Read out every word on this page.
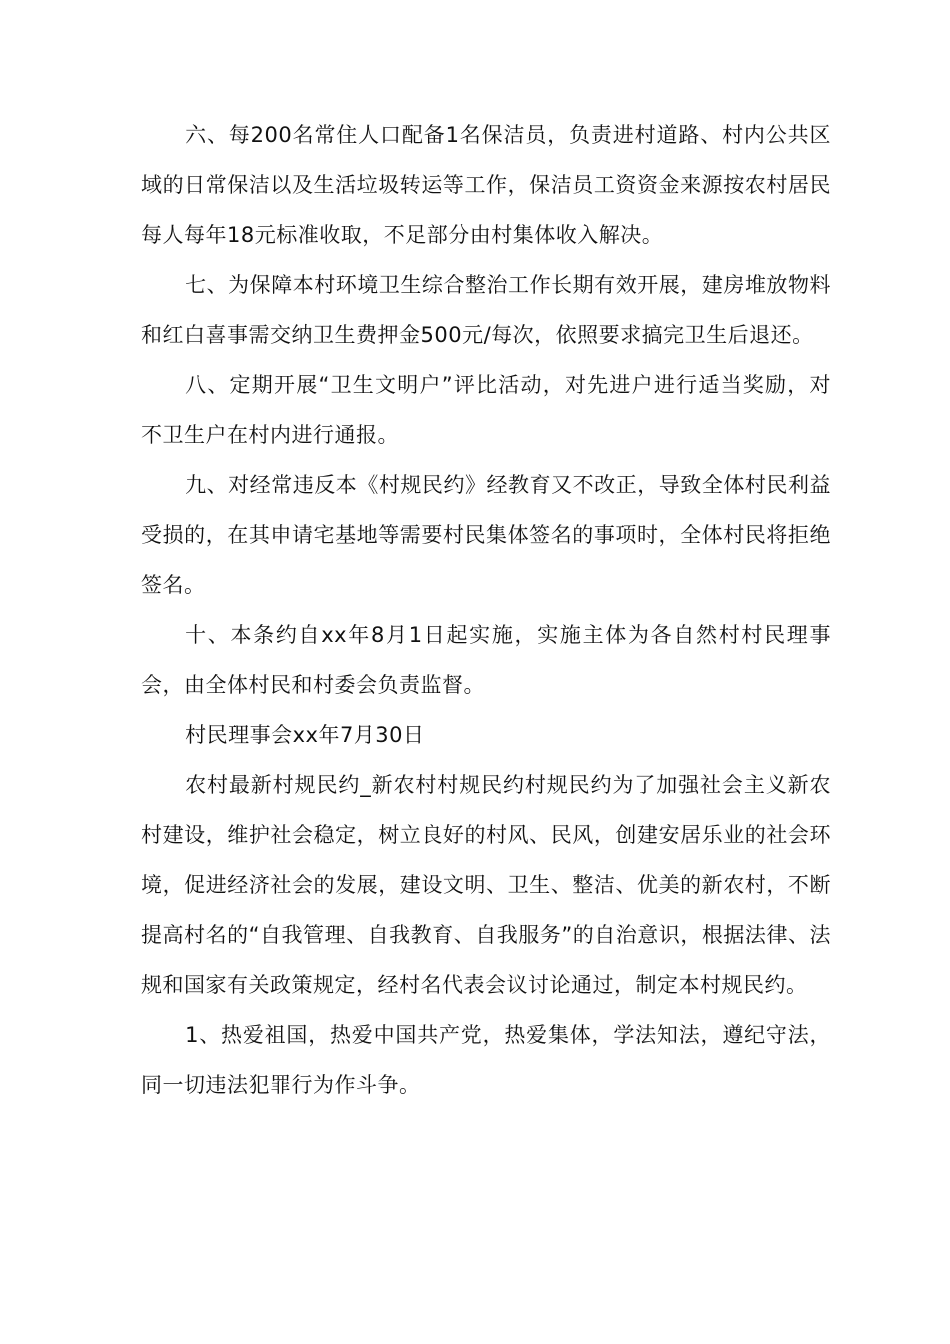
六、每200名常住人口配备1名保洁员，负责进村道路、村内公共区域的日常保洁以及生活垃圾转运等工作，保洁员工资资金来源按农村居民每人每年18元标准收取，不足部分由村集体收入解决。

七、为保障本村环境卫生综合整治工作长期有效开展，建房堆放物料和红白喜事需交纳卫生费押金500元/每次，依照要求搞完卫生后退还。

八、定期开展“卫生文明户”评比活动，对先进户进行适当奖励，对不卫生户在村内进行通报。

九、对经常违反本《村规民约》经教育又不改正，导致全体村民利益受损的，在其申请宅基地等需要村民集体签名的事项时，全体村民将拒绝签名。

十、本条约自xx年8月1日起实施，实施主体为各自然村村民理事会，由全体村民和村委会负责监督。

村民理事会xx年7月30日

农村最新村规民约_新农村村规民约村规民约为了加强社会主义新农村建设，维护社会稳定，树立良好的村风、民风，创建安居乐业的社会环境，促进经济社会的发展，建设文明、卫生、整洁、优美的新农村，不断提高村名的“自我管理、自我教育、自我服务”的自治意识，根据法律、法规和国家有关政策规定，经村名代表会议讨论通过，制定本村规民约。

1、热爱祖国，热爱中国共产党，热爱集体，学法知法，遵纪守法，同一切违法犯罪行为作斗争。
